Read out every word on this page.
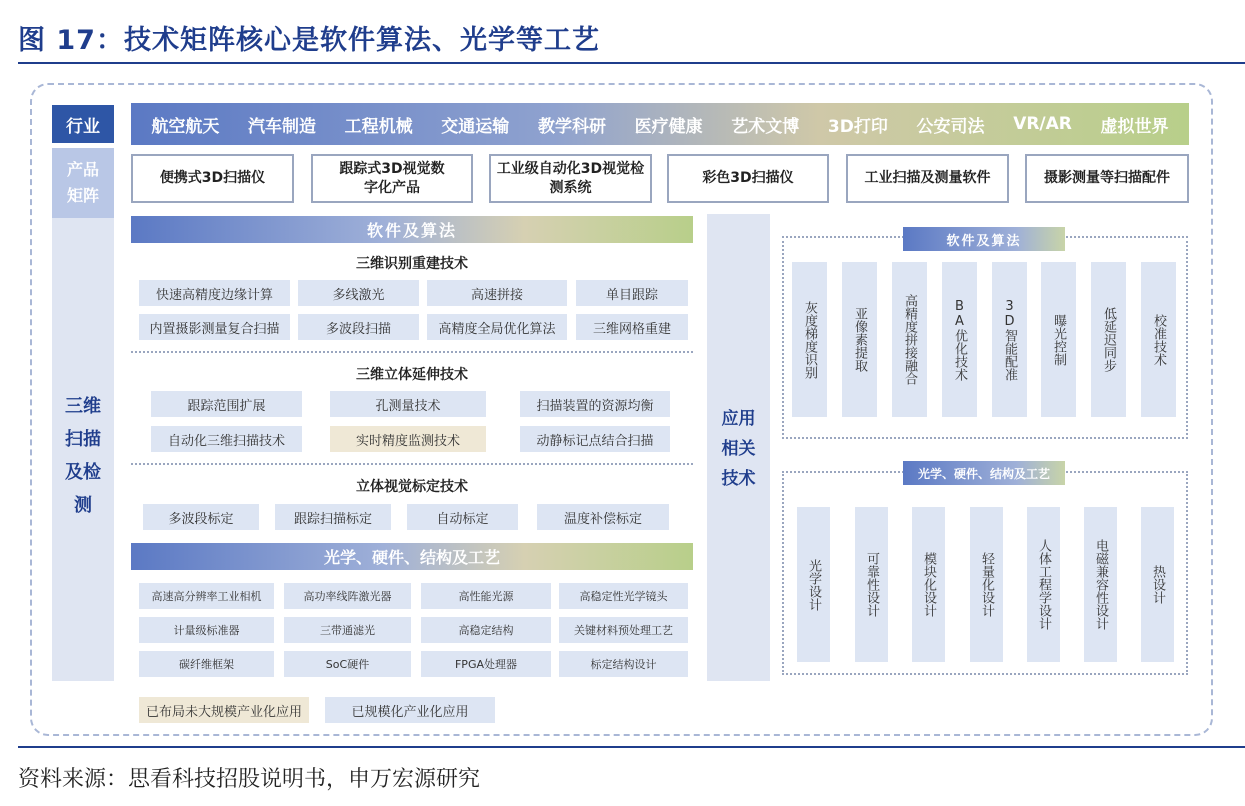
图 17：技术矩阵核心是软件算法、光学等工艺
行业
产品矩阵
三维扫描及检测
航空航天 汽车制造 工程机械 交通运输 教学科研 医疗健康 艺术文博 3D打印 公安司法 VR/AR 虚拟世界
便携式3D扫描仪
跟踪式3D视觉数字化产品
工业级自动化3D视觉检测系统
彩色3D扫描仪	工业扫描及测量软件	摄影测量等扫描配件
软件及算法
三维识别重建技术
快速高精度边缘计算	多线激光	高速拼接	单目跟踪
内置摄影测量复合扫描	多波段扫描	高精度全局优化算法	三维网格重建
三维立体延伸技术
跟踪范围扩展	孔测量技术	扫描装置的资源均衡
自动化三维扫描技术	实时精度监测技术	动静标记点结合扫描
立体视觉标定技术
多波段标定	跟踪扫描标定	自动标定	温度补偿标定
光学、硬件、结构及工艺
高速高分辨率工业相机	高功率线阵激光器	高性能光源	高稳定性光学镜头
计量级标准器	三带通滤光	高稳定结构	关键材料预处理工艺
碳纤维框架	SoC硬件	FPGA处理器	标定结构设计
应用相关技术
软件及算法
灰度梯度识别	亚像素提取	高精度拼接融合	BA优化技术	3D智能配准	曝光控制	低延迟同步	校准技术
光学、硬件、结构及工艺
光学设计	可靠性设计	模块化设计	轻量化设计	人体工程学设计	电磁兼容性设计	热设计
已布局未大规模产业化应用	已规模化产业化应用
资料来源：思看科技招股说明书，申万宏源研究
